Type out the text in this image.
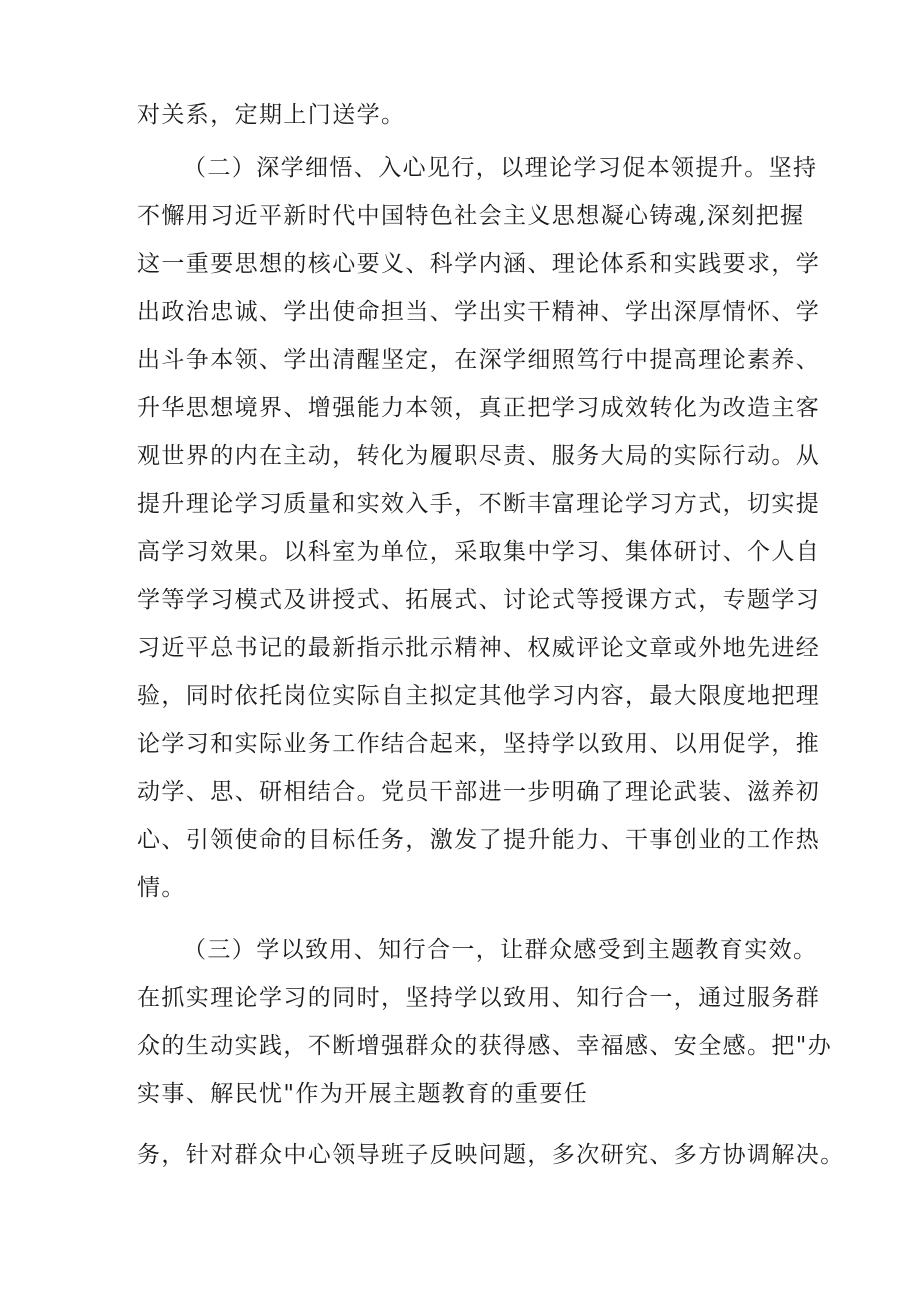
对关系，定期上门送学。
（二）深学细悟、入心见行，以理论学习促本领提升。坚持
不懈用习近平新时代中国特色社会主义思想凝心铸魂,深刻把握
这一重要思想的核心要义、科学内涵、理论体系和实践要求，学
出政治忠诚、学出使命担当、学出实干精神、学出深厚情怀、学
出斗争本领、学出清醒坚定，在深学细照笃行中提高理论素养、
升华思想境界、增强能力本领，真正把学习成效转化为改造主客
观世界的内在主动，转化为履职尽责、服务大局的实际行动。从
提升理论学习质量和实效入手，不断丰富理论学习方式，切实提
高学习效果。以科室为单位，采取集中学习、集体研讨、个人自
学等学习模式及讲授式、拓展式、讨论式等授课方式，专题学习
习近平总书记的最新指示批示精神、权威评论文章或外地先进经
验，同时依托岗位实际自主拟定其他学习内容，最大限度地把理
论学习和实际业务工作结合起来，坚持学以致用、以用促学，推
动学、思、研相结合。党员干部进一步明确了理论武装、滋养初
心、引领使命的目标任务，激发了提升能力、干事创业的工作热
情。
（三）学以致用、知行合一，让群众感受到主题教育实效。
在抓实理论学习的同时，坚持学以致用、知行合一，通过服务群
众的生动实践，不断增强群众的获得感、幸福感、安全感。把"办
实事、解民忧"作为开展主题教育的重要任
务，针对群众中心领导班子反映问题，多次研究、多方协调解决。
